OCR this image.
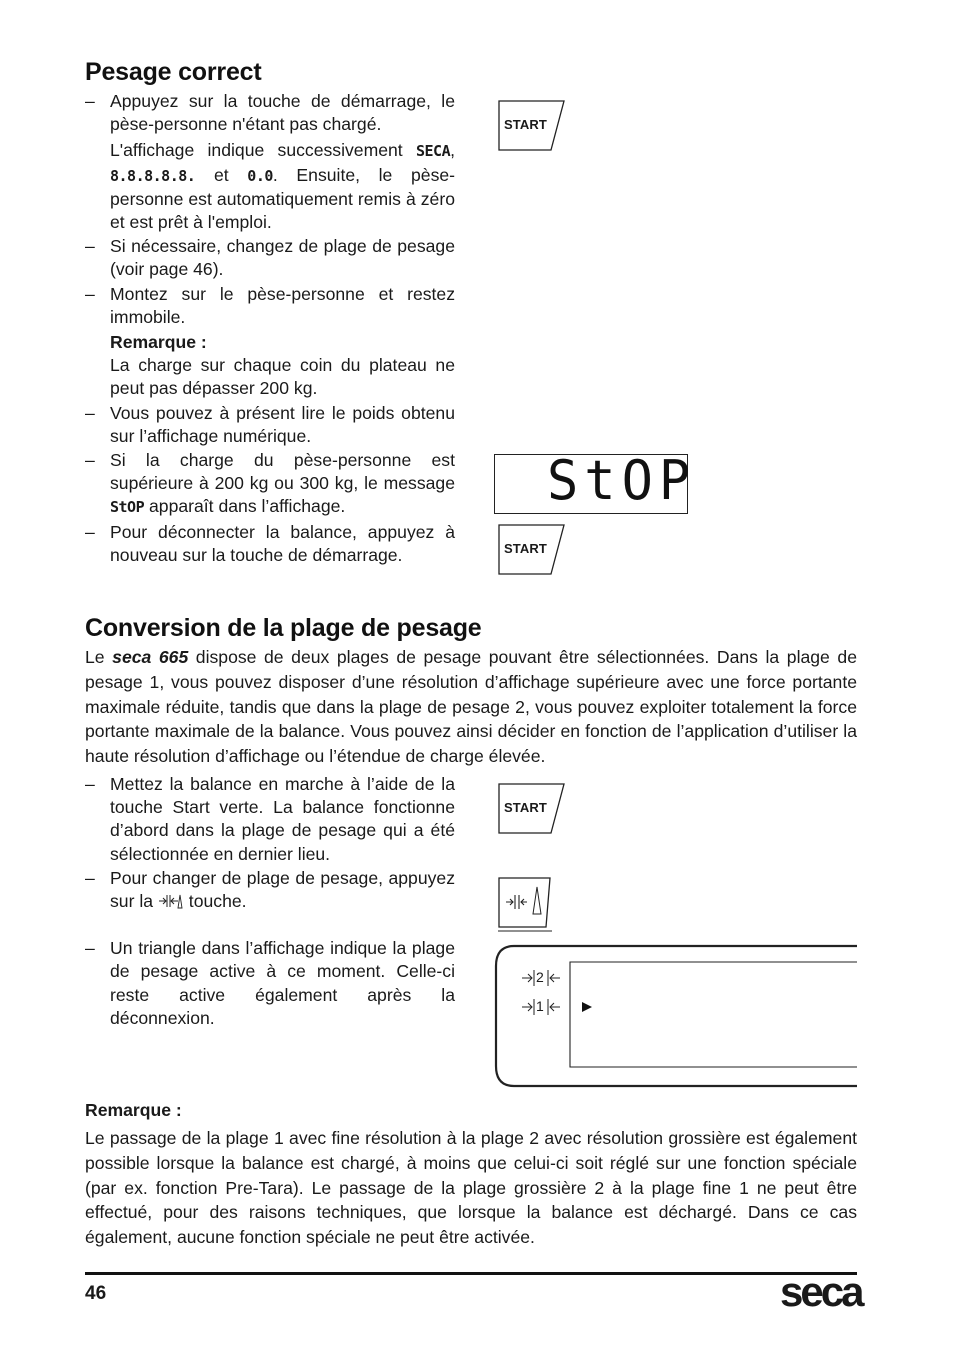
Pesage correct
– Appuyez sur la touche de démarrage, le pèse-personne n'étant pas chargé.

L'affichage indique successivement SECA, 8.8.8.8.8. et 0.0. Ensuite, le pèse-personne est automatiquement remis à zéro et est prêt à l'emploi.

– Si nécessaire, changez de plage de pesage (voir page 46).

– Montez sur le pèse-personne et restez immobile.

Remarque :

La charge sur chaque coin du plateau ne peut pas dépasser 200 kg.

– Vous pouvez à présent lire le poids obtenu sur l’affichage numérique.

– Si la charge du pèse-personne est supérieure à 200 kg ou 300 kg, le message StOP apparaît dans l’affichage.

– Pour déconnecter la balance, appuyez à nouveau sur la touche de démarrage.

START
StOP
START
Conversion de la plage de pesage

Le seca 665 dispose de deux plages de pesage pouvant être sélectionnées. Dans la plage de pesage 1, vous pouvez disposer d’une résolution d’affichage supérieure avec une force portante maximale réduite, tandis que dans la plage de pesage 2, vous pouvez exploiter totalement la force portante maximale de la balance. Vous pouvez ainsi décider en fonction de l’application d’utiliser la haute résolution d’affichage ou l’étendue de charge élevée.

– Mettez la balance en marche à l’aide de la touche Start verte. La balance fonctionne d’abord dans la plage de pesage qui a été sélectionnée en dernier lieu.

– Pour changer de plage de pesage, appuyez sur la  touche.

– Un triangle dans l’affichage indique la plage de pesage active à ce moment. Celle-ci reste active également après la déconnexion.

START
2
1

Remarque :

Le passage de la plage 1 avec fine résolution à la plage 2 avec résolution grossière est également possible lorsque la balance est chargé, à moins que celui-ci soit réglé sur une fonction spéciale (par ex. fonction Pre-Tara). Le passage de la plage grossière 2 à la plage fine 1 ne peut être effectué, pour des raisons techniques, que lorsque la balance est déchargé. Dans ce cas également, aucune fonction spéciale ne peut être activée.

46	seca
